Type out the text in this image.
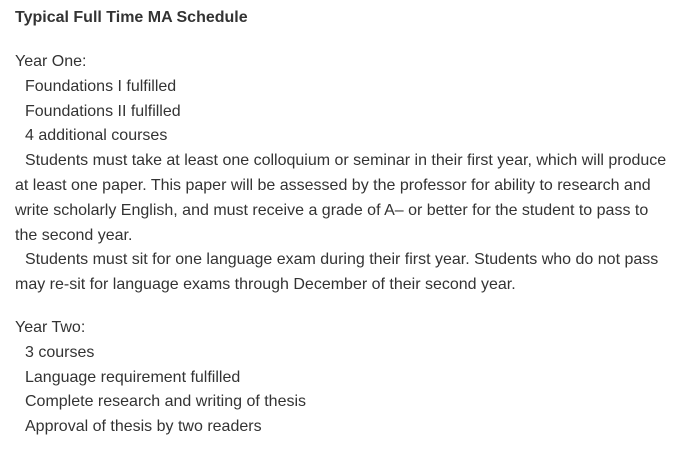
Typical Full Time MA Schedule
Year One:
Foundations I fulfilled
Foundations II fulfilled
4 additional courses

Students must take at least one colloquium or seminar in their first year, which will produce at least one paper. This paper will be assessed by the professor for ability to research and write scholarly English, and must receive a grade of A– or better for the student to pass to the second year.

Students must sit for one language exam during their first year. Students who do not pass may re-sit for language exams through December of their second year.

Year Two:
3 courses
Language requirement fulfilled
Complete research and writing of thesis
Approval of thesis by two readers
